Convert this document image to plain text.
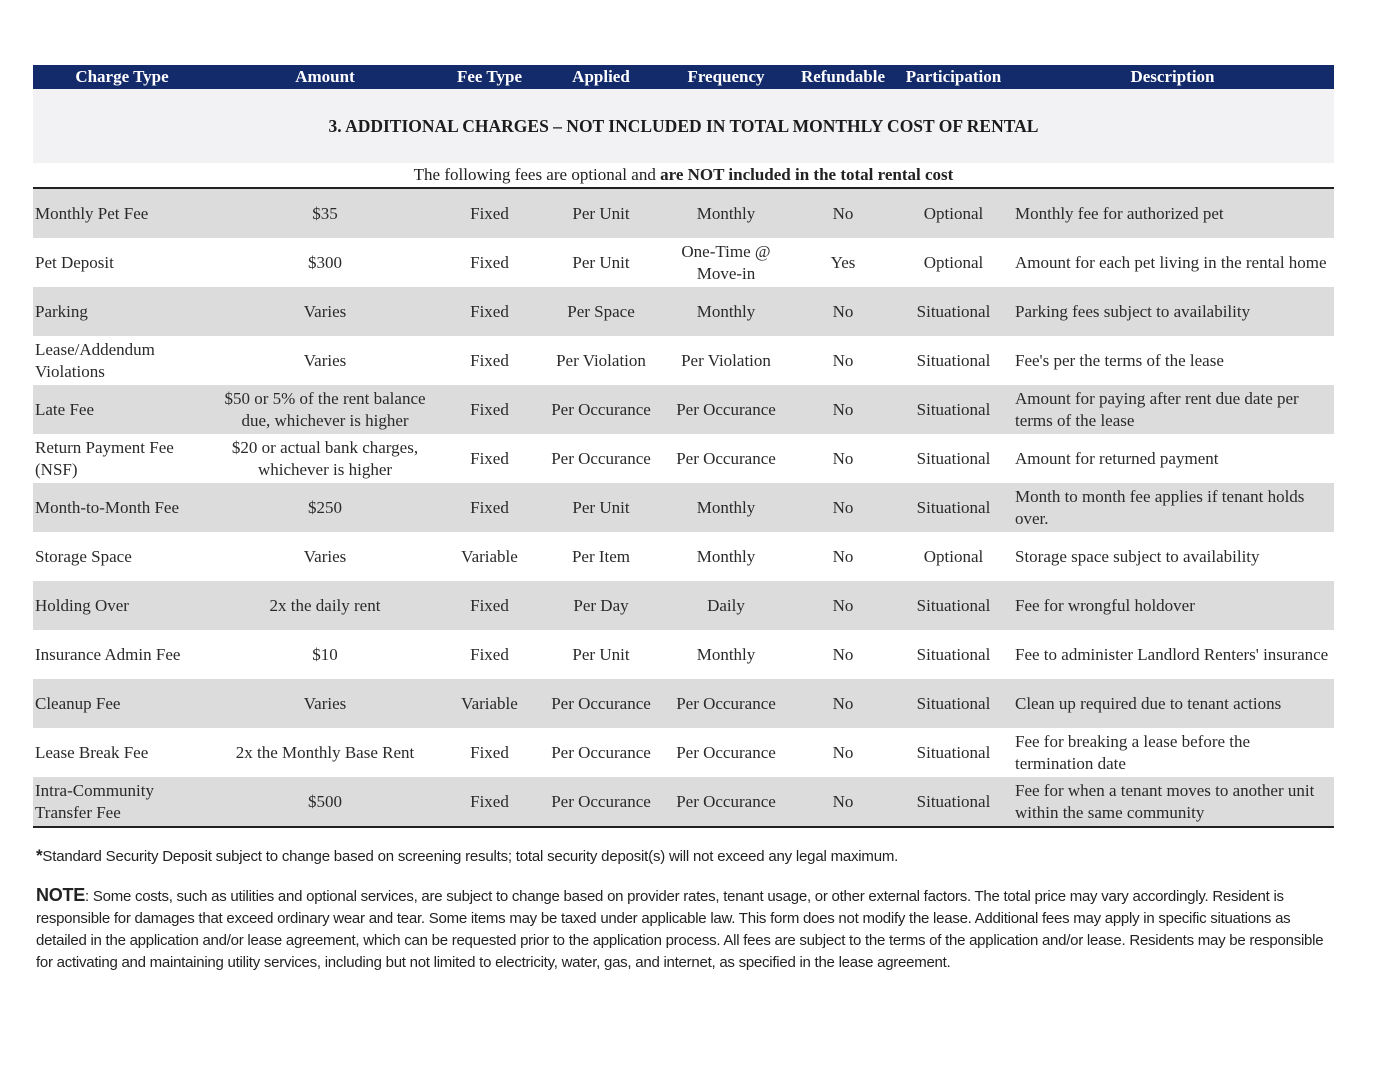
Charge Type	Amount	Fee Type	Applied	Frequency	Refundable	Participation	Description
3. ADDITIONAL CHARGES – NOT INCLUDED IN TOTAL MONTHLY COST OF RENTAL							
The following fees are optional and are NOT included in the total rental cost							
Monthly Pet Fee	$35	Fixed	Per Unit	Monthly	No	Optional	Monthly fee for authorized pet
Pet Deposit	$300	Fixed	Per Unit	One-Time @ Move-in	Yes	Optional	Amount for each pet living in the rental home
Parking	Varies	Fixed	Per Space	Monthly	No	Situational	Parking fees subject to availability
Lease/Addendum Violations	Varies	Fixed	Per Violation	Per Violation	No	Situational	Fee's per the terms of the lease
Late Fee	$50 or 5% of the rent balance due, whichever is higher	Fixed	Per Occurance	Per Occurance	No	Situational	Amount for paying after rent due date per terms of the lease
Return Payment Fee (NSF)	$20 or actual bank charges, whichever is higher	Fixed	Per Occurance	Per Occurance	No	Situational	Amount for returned payment
Month-to-Month Fee	$250	Fixed	Per Unit	Monthly	No	Situational	Month to month fee applies if tenant holds over.
Storage Space	Varies	Variable	Per Item	Monthly	No	Optional	Storage space subject to availability
Holding Over	2x the daily rent	Fixed	Per Day	Daily	No	Situational	Fee for wrongful holdover
Insurance Admin Fee	$10	Fixed	Per Unit	Monthly	No	Situational	Fee to administer Landlord Renters' insurance
Cleanup Fee	Varies	Variable	Per Occurance	Per Occurance	No	Situational	Clean up required due to tenant actions
Lease Break Fee	2x the Monthly Base Rent	Fixed	Per Occurance	Per Occurance	No	Situational	Fee for breaking a lease before the termination date
Intra-Community Transfer Fee	$500	Fixed	Per Occurance	Per Occurance	No	Situational	Fee for when a tenant moves to another unit within the same community
*Standard Security Deposit subject to change based on screening results; total security deposit(s) will not exceed any legal maximum.
NOTE: Some costs, such as utilities and optional services, are subject to change based on provider rates, tenant usage, or other external factors. The total price may vary accordingly. Resident is responsible for damages that exceed ordinary wear and tear. Some items may be taxed under applicable law. This form does not modify the lease. Additional fees may apply in specific situations as detailed in the application and/or lease agreement, which can be requested prior to the application process. All fees are subject to the terms of the application and/or lease. Residents may be responsible for activating and maintaining utility services, including but not limited to electricity, water, gas, and internet, as specified in the lease agreement.
